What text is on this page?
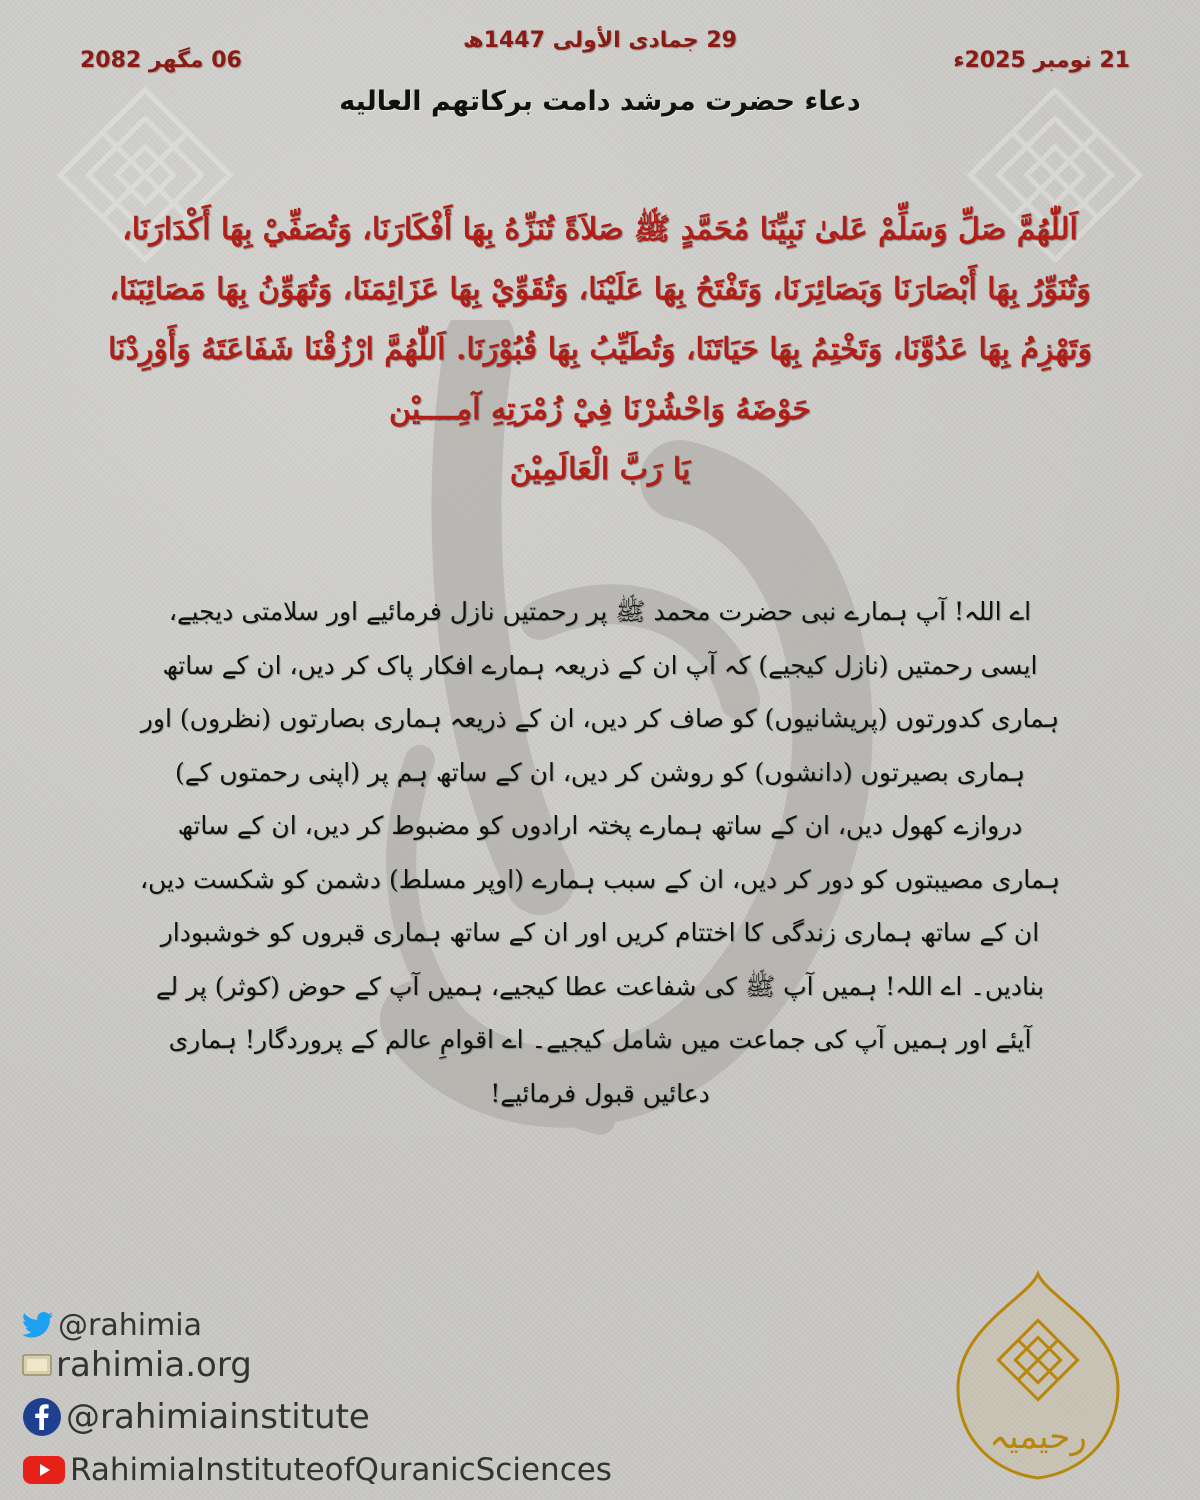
29 جمادی الأولى 1447ھ
21 نومبر 2025ء
06 مگھر 2082
دعاء حضرت مرشد دامت برکاتهم العالیه
اَللّٰهُمَّ صَلِّ وَسَلِّمْ عَلىٰ نَبِيِّنَا مُحَمَّدٍ ﷺ صَلاَةً تُنَزِّهُ بِهَا أَفْكَارَنَا، وَتُصَفِّيْ بِهَا أَكْدَارَنَا، وَتُنَوِّرُ بِهَا أَبْصَارَنَا وَبَصَائِرَنَا، وَتَفْتَحُ بِهَا عَلَيْنَا، وَتُقَوِّيْ بِهَا عَزَائِمَنَا، وَتُهَوِّنُ بِهَا مَصَائِبَنَا، وَتَهْزِمُ بِهَا عَدُوَّنَا، وَتَخْتِمُ بِهَا حَيَاتَنَا، وَتُطَيِّبُ بِهَا قُبُوْرَنَا. اَللّٰهُمَّ ارْزُقْنَا شَفَاعَتَهُ وَأَوْرِدْنَا حَوْضَهُ وَاحْشُرْنَا فِيْ زُمْرَتِهِ آمِــــيْن
يَا رَبَّ الْعَالَمِيْنَ
اے اللہ! آپ ہمارے نبی حضرت محمد ﷺ پر رحمتیں نازل فرمائیے اور سلامتی دیجیے، ایسی رحمتیں (نازل کیجیے) کہ آپ ان کے ذریعہ ہمارے افکار پاک کر دیں، ان کے ساتھ ہماری کدورتوں (پریشانیوں) کو صاف کر دیں، ان کے ذریعہ ہماری بصارتوں (نظروں) اور ہماری بصیرتوں (دانشوں) کو روشن کر دیں، ان کے ساتھ ہم پر (اپنی رحمتوں کے) دروازے کھول دیں، ان کے ساتھ ہمارے پختہ ارادوں کو مضبوط کر دیں، ان کے ساتھ ہماری مصیبتوں کو دور کر دیں، ان کے سبب ہمارے (اوپر مسلط) دشمن کو شکست دیں، ان کے ساتھ ہماری زندگی کا اختتام کریں اور ان کے ساتھ ہماری قبروں کو خوشبودار بنادیں۔ اے اللہ! ہمیں آپ ﷺ کی شفاعت عطا کیجیے، ہمیں آپ کے حوض (کوثر) پر لے آیئے اور ہمیں آپ کی جماعت میں شامل کیجیے۔ اے اقوامِ عالم کے پروردگار! ہماری دعائیں قبول فرمائیے!
@rahimia
rahimia.org
@rahimiainstitute
RahimiaInstituteofQuranicSciences
رحیمیہ
